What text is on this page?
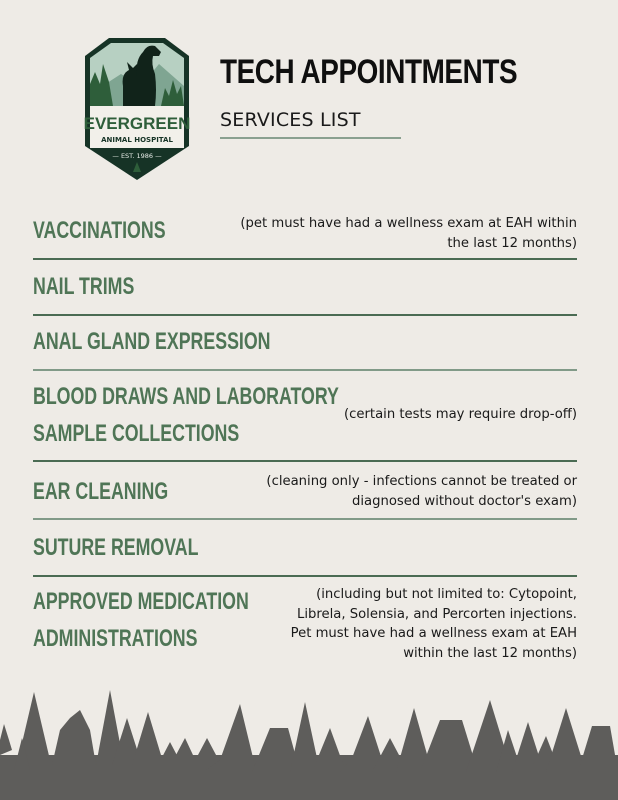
EVERGREEN
ANIMAL HOSPITAL
— EST. 1986 —
TECH APPOINTMENTS
SERVICES LIST
VACCINATIONS	(pet must have had a wellness exam at EAH within
the last 12 months)
NAIL TRIMS
ANAL GLAND EXPRESSION
BLOOD DRAWS AND LABORATORY
SAMPLE COLLECTIONS
(certain tests may require drop-off)
EAR CLEANING	(cleaning only - infections cannot be treated or
diagnosed without doctor's exam)
SUTURE REMOVAL
APPROVED MEDICATION
ADMINISTRATIONS
(including but not limited to: Cytopoint,
Librela, Solensia, and Percorten injections.
Pet must have had a wellness exam at EAH
within the last 12 months)
